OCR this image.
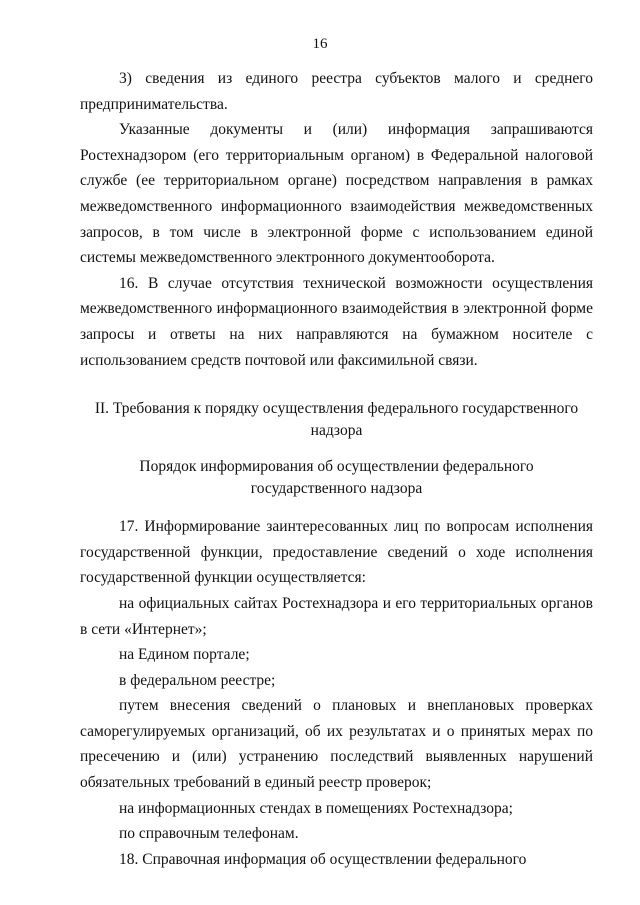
16

3) сведения из единого реестра субъектов малого и среднего предпринимательства.

Указанные документы и (или) информация запрашиваются Ростехнадзором (его территориальным органом) в Федеральной налоговой службе (ее территориальном органе) посредством направления в рамках межведомственного информационного взаимодействия межведомственных запросов, в том числе в электронной форме с использованием единой системы межведомственного электронного документооборота.

16. В случае отсутствия технической возможности осуществления межведомственного информационного взаимодействия в электронной форме запросы и ответы на них направляются на бумажном носителе с использованием средств почтовой или факсимильной связи.

II. Требования к порядку осуществления федерального государственного надзора

Порядок информирования об осуществлении федерального государственного надзора

17. Информирование заинтересованных лиц по вопросам исполнения государственной функции, предоставление сведений о ходе исполнения государственной функции осуществляется:

на официальных сайтах Ростехнадзора и его территориальных органов в сети «Интернет»;

на Едином портале;

в федеральном реестре;

путем внесения сведений о плановых и внеплановых проверках саморегулируемых организаций, об их результатах и о принятых мерах по пресечению и (или) устранению последствий выявленных нарушений обязательных требований в единый реестр проверок;

на информационных стендах в помещениях Ростехнадзора;

по справочным телефонам.

18. Справочная информация об осуществлении федерального
